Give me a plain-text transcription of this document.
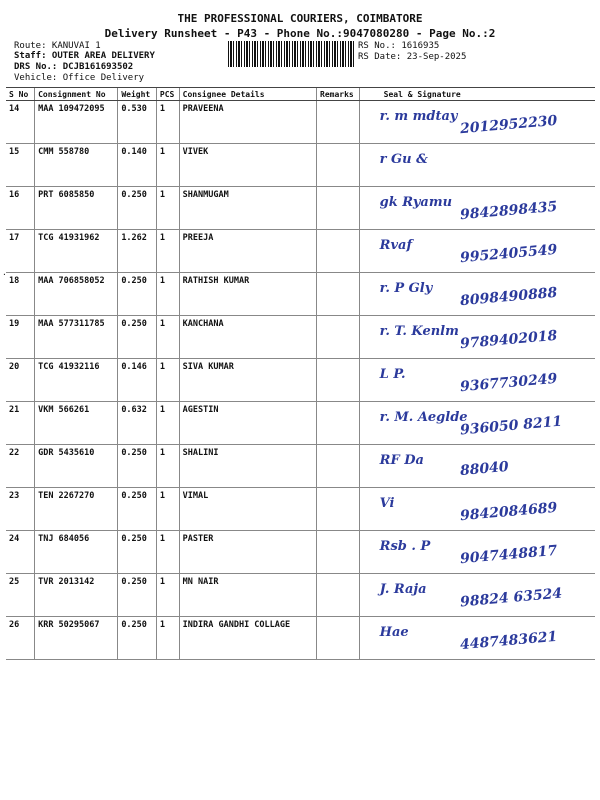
THE PROFESSIONAL COURIERS, COIMBATORE
Delivery Runsheet - P43 - Phone No.:9047080280 - Page No.:2
Route: KANUVAI 1
Staff: OUTER AREA DELIVERY
DRS No.: DCJB161693502
Vehicle: Office Delivery
RS No.: 1616935
RS Date: 23-Sep-2025
·
S No	Consignment No	Weight	PCS	Consignee Details	Remarks	Seal & Signature
14	MAA 109472095	0.530	1	PRAVEENA		r. m mdtay 2012952230

15	CMM 558780	0.140	1	VIVEK		r Gu &

16	PRT 6085850	0.250	1	SHANMUGAM		gk Ryamu 9842898435

17	TCG 41931962	1.262	1	PREEJA		Rvaf 9952405549

18	MAA 706858052	0.250	1	RATHISH KUMAR		r. P Gly 8098490888

19	MAA 577311785	0.250	1	KANCHANA		r. T. Kenlm 9789402018

20	TCG 41932116	0.146	1	SIVA KUMAR		L P. 9367730249

21	VKM 566261	0.632	1	AGESTIN		r. M. Aeglde
936050 8211

22	GDR 5435610	0.250	1	SHALINI		RF Da 88040

23	TEN 2267270	0.250	1	VIMAL		Vi 9842084689

24	TNJ 684056	0.250	1	PASTER		Rsb . P 9047448817

25	TVR 2013142	0.250	1	MN NAIR		J. Raja 98824 63524

26	KRR 50295067	0.250	1	INDIRA GANDHI COLLAGE		Hae 4487483621
